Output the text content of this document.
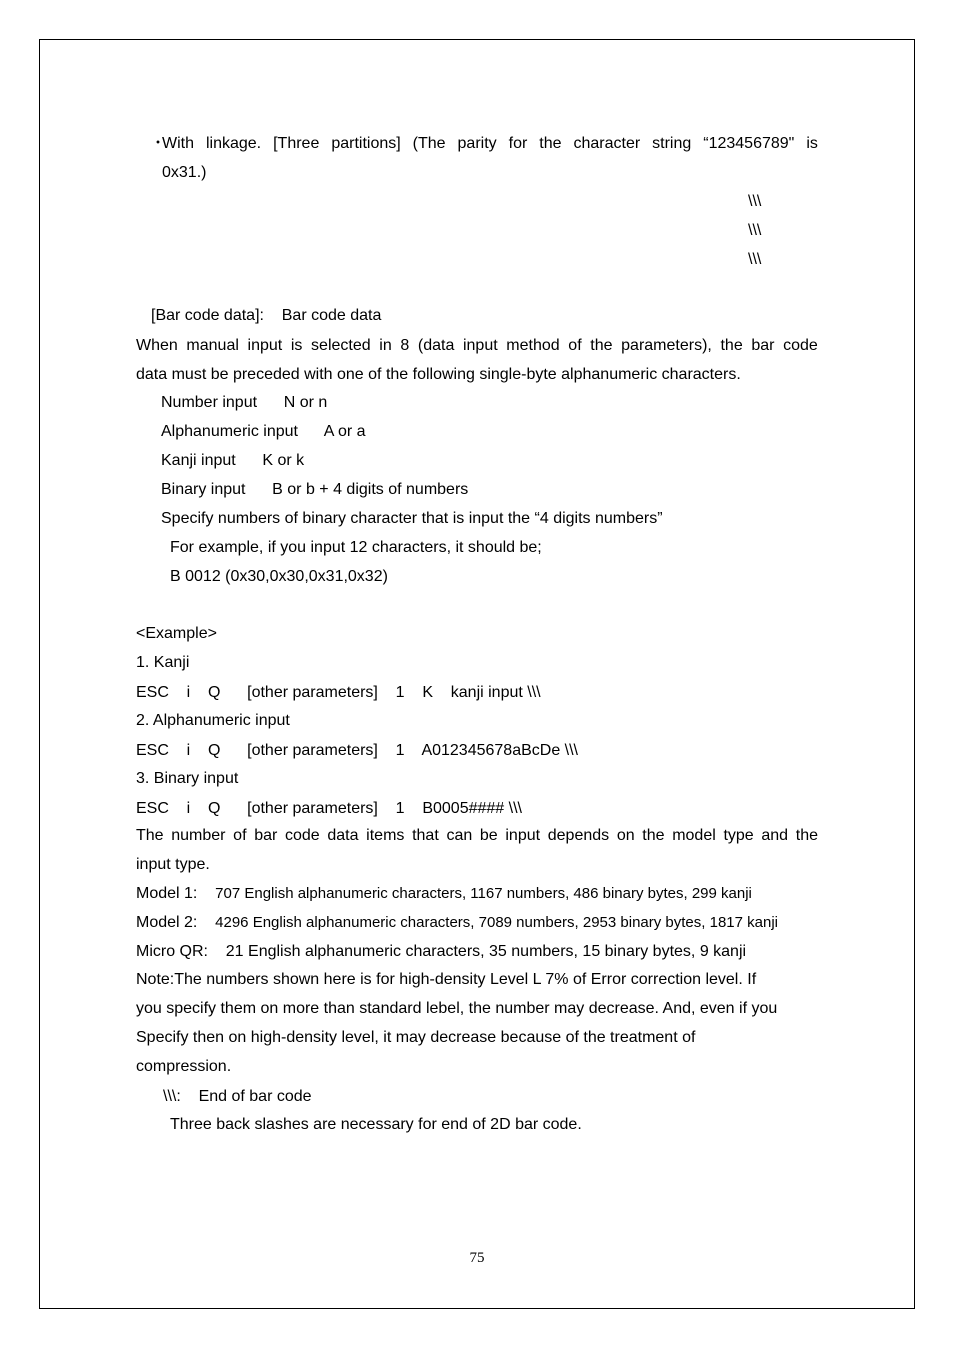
・
With linkage. [Three partitions] (The parity for the character string “123456789" is
0x31.)
\\\
\\\
\\\
[Bar code data]:    Bar code data
When manual input is selected in 8 (data input method of the parameters), the bar code
data must be preceded with one of the following single-byte alphanumeric characters.
Number input      N or n
Alphanumeric input      A or a
Kanji input      K or k
Binary input      B or b + 4 digits of numbers
Specify numbers of binary character that is input the “4 digits numbers”
For example, if you input 12 characters, it should be;
B 0012 (0x30,0x30,0x31,0x32)
<Example>
1. Kanji
ESC    i    Q      [other parameters]    1    K    kanji input \\\
2. Alphanumeric input
ESC    i    Q      [other parameters]    1    A012345678aBcDe \\\
3. Binary input
ESC    i    Q      [other parameters]    1    B0005#### \\\
The number of bar code data items that can be input depends on the model type and the
input type.
Model 1:    707 English alphanumeric characters, 1167 numbers, 486 binary bytes, 299 kanji
Model 2:    4296 English alphanumeric characters, 7089 numbers, 2953 binary bytes, 1817 kanji
Micro QR:    21 English alphanumeric characters, 35 numbers, 15 binary bytes, 9 kanji
Note:The numbers shown here is for high-density Level L 7% of Error correction level. If
you specify them on more than standard lebel, the number may decrease. And, even if you
Specify then on high-density level, it may decrease because of the treatment of
compression.
\\\:    End of bar code
Three back slashes are necessary for end of 2D bar code.
75
